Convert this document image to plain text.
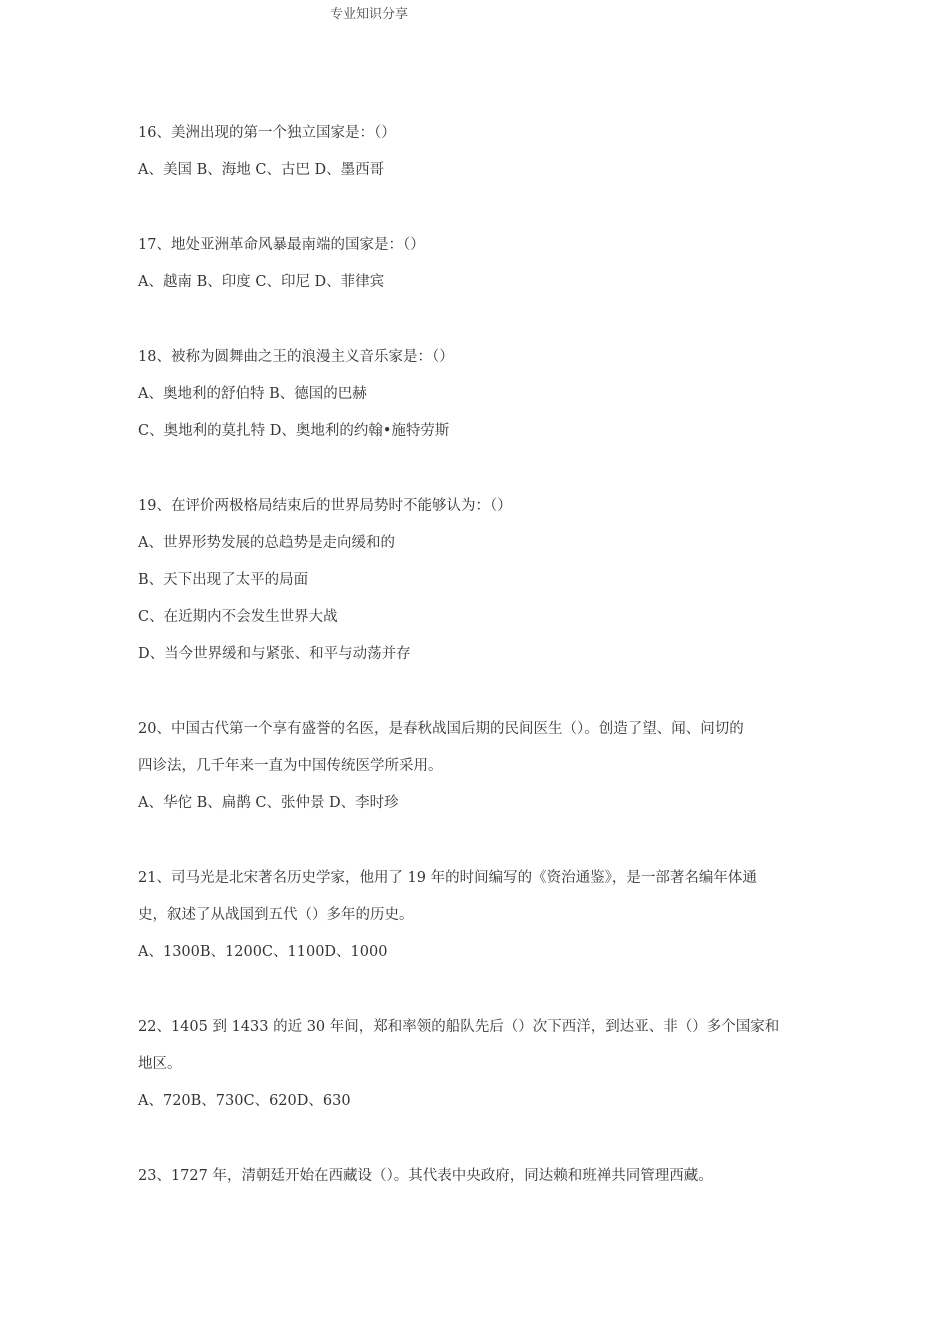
专业知识分享

16、美洲出现的第一个独立国家是：（）

A、美国 B、海地 C、古巴 D、墨西哥

17、地处亚洲革命风暴最南端的国家是：（）

A、越南 B、印度 C、印尼 D、菲律宾

18、被称为圆舞曲之王的浪漫主义音乐家是：（）

A、奥地利的舒伯特 B、德国的巴赫

C、奥地利的莫扎特 D、奥地利的约翰•施特劳斯

19、在评价两极格局结束后的世界局势时不能够认为：（）

A、世界形势发展的总趋势是走向缓和的

B、天下出现了太平的局面

C、在近期内不会发生世界大战

D、当今世界缓和与紧张、和平与动荡并存

20、中国古代第一个享有盛誉的名医，是春秋战国后期的民间医生（）。创造了望、闻、问切的

四诊法，几千年来一直为中国传统医学所采用。

A、华佗 B、扁鹊 C、张仲景 D、李时珍

21、司马光是北宋著名历史学家，他用了 19 年的时间编写的《资治通鉴》，是一部著名编年体通

史，叙述了从战国到五代（）多年的历史。

A、1300B、1200C、1100D、1000

22、1405 到 1433 的近 30 年间，郑和率领的船队先后（）次下西洋，到达亚、非（）多个国家和

地区。

A、720B、730C、620D、630

23、1727 年，清朝廷开始在西藏设（）。其代表中央政府，同达赖和班禅共同管理西藏。
